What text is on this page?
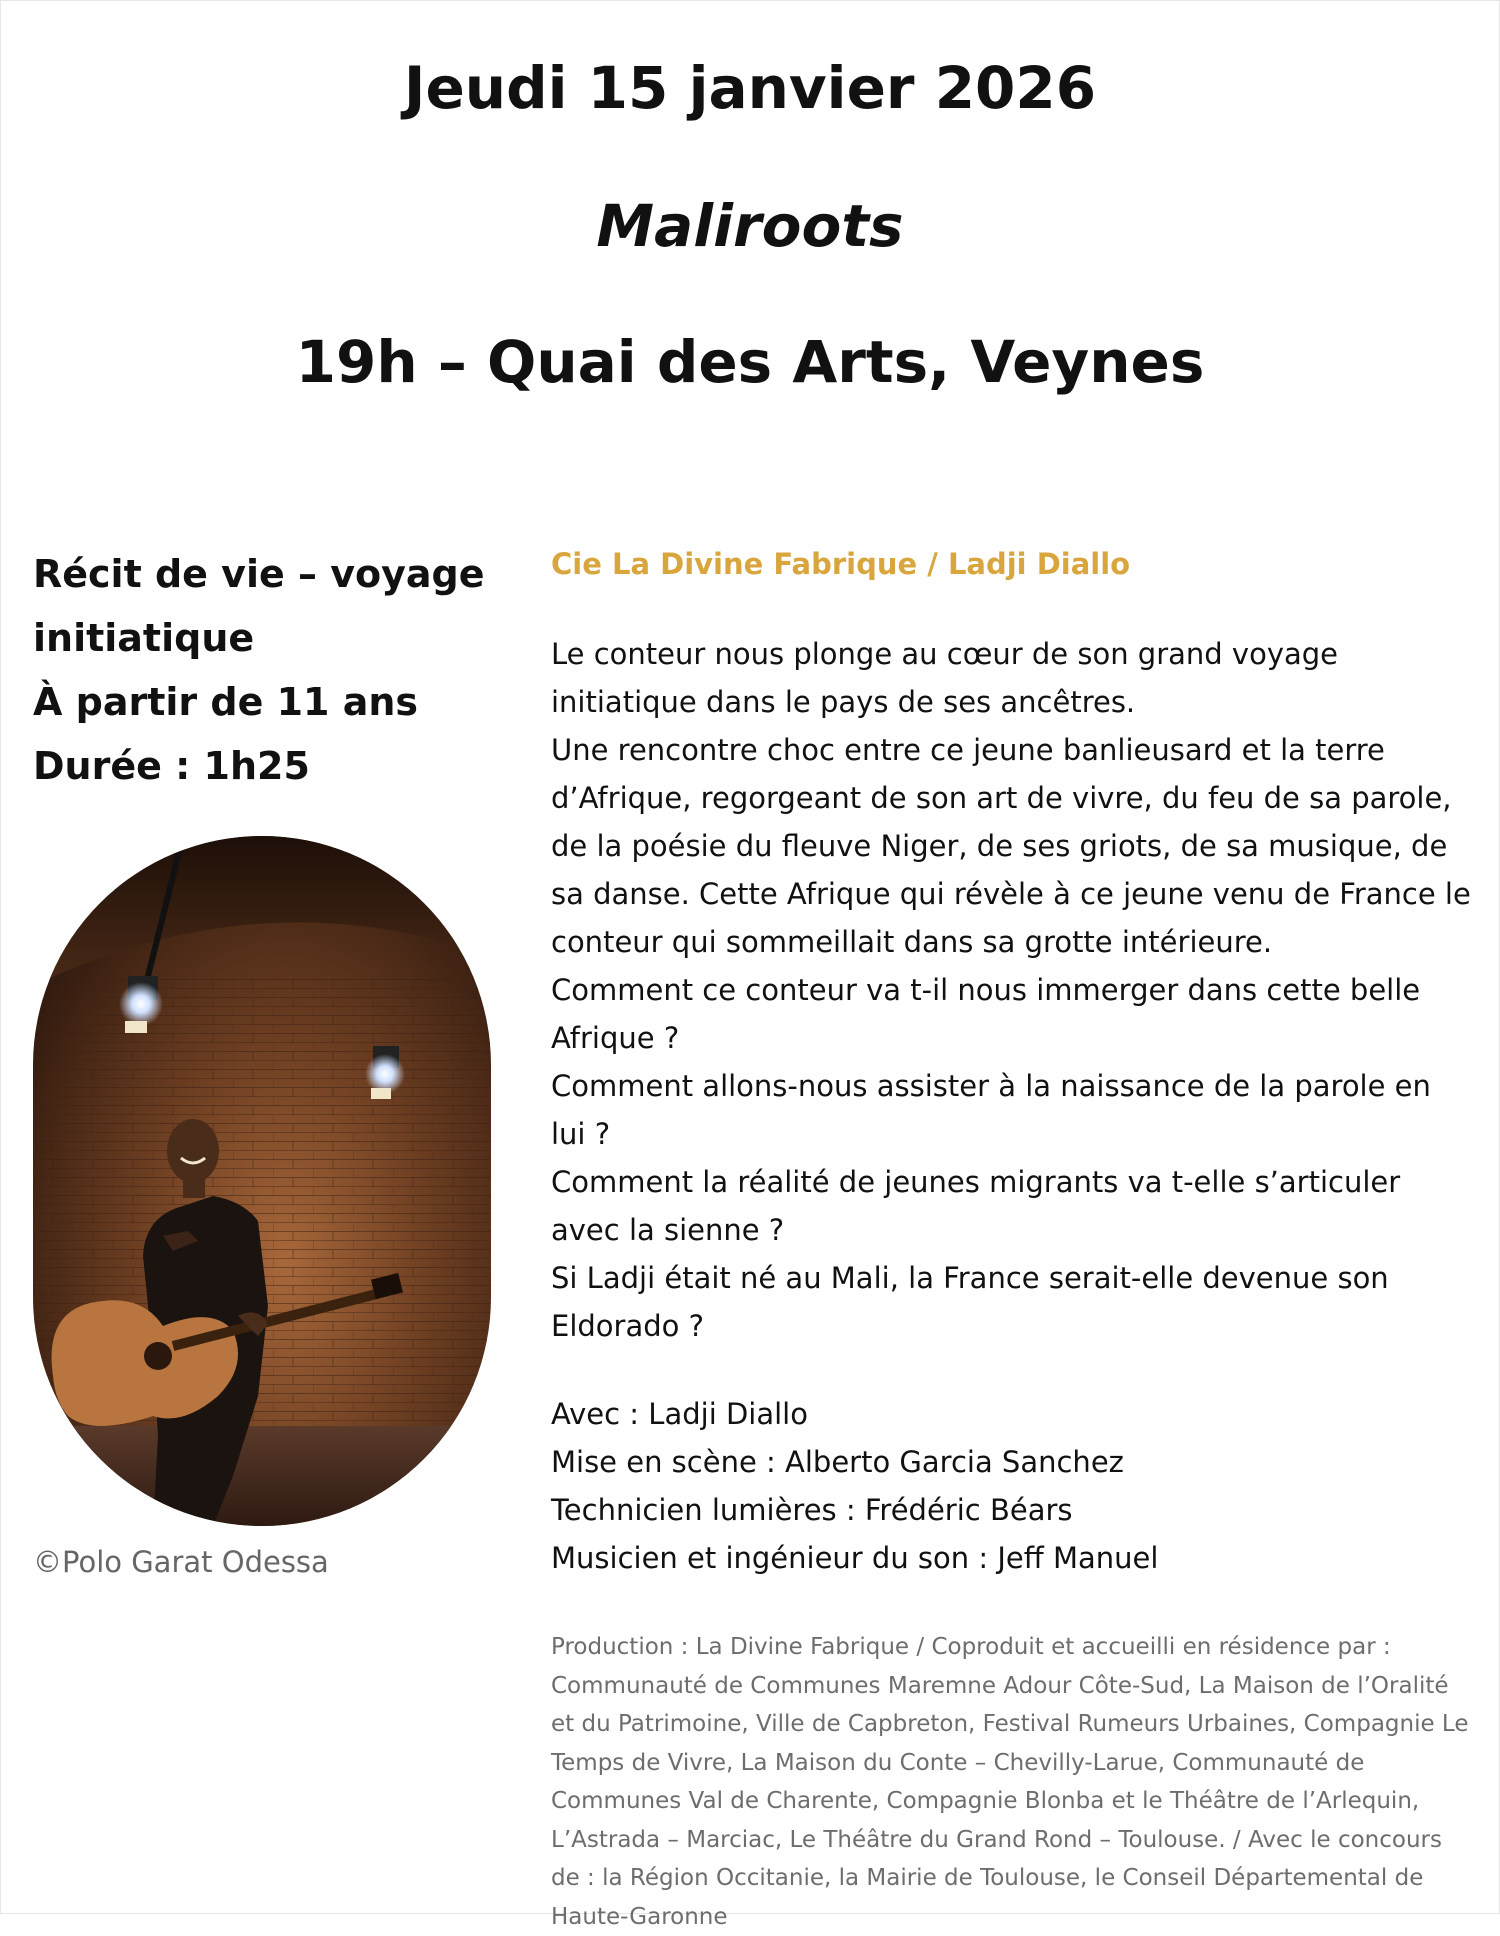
Jeudi 15 janvier 2026
Maliroots
19h – Quai des Arts, Veynes
Récit de vie – voyage
initiatique
À partir de 11 ans
Durée : 1h25
©Polo Garat Odessa

Cie La Divine Fabrique / Ladji Diallo

Le conteur nous plonge au cœur de son grand voyage initiatique dans le pays de ses ancêtres.
Une rencontre choc entre ce jeune banlieusard et la terre d’Afrique, regorgeant de son art de vivre, du feu de sa parole, de la poésie du fleuve Niger, de ses griots, de sa musique, de sa danse. Cette Afrique qui révèle à ce jeune venu de France le conteur qui sommeillait dans sa grotte intérieure.
Comment ce conteur va t-il nous immerger dans cette belle Afrique ?
Comment allons-nous assister à la naissance de la parole en lui ?
Comment la réalité de jeunes migrants va t-elle s’articuler avec la sienne ?
Si Ladji était né au Mali, la France serait-elle devenue son Eldorado ?
Avec : Ladji Diallo
Mise en scène : Alberto Garcia Sanchez
Technicien lumières : Frédéric Béars
Musicien et ingénieur du son : Jeff Manuel
Production : La Divine Fabrique / Coproduit et accueilli en résidence par : Communauté de Communes Maremne Adour Côte-Sud, La Maison de l’Oralité et du Patrimoine, Ville de Capbreton, Festival Rumeurs Urbaines, Compagnie Le Temps de Vivre, La Maison du Conte – Chevilly-Larue, Communauté de Communes Val de Charente, Compagnie Blonba et le Théâtre de l’Arlequin, L’Astrada – Marciac, Le Théâtre du Grand Rond – Toulouse. / Avec le concours de : la Région Occitanie, la Mairie de Toulouse, le Conseil Départemental de Haute-Garonne
